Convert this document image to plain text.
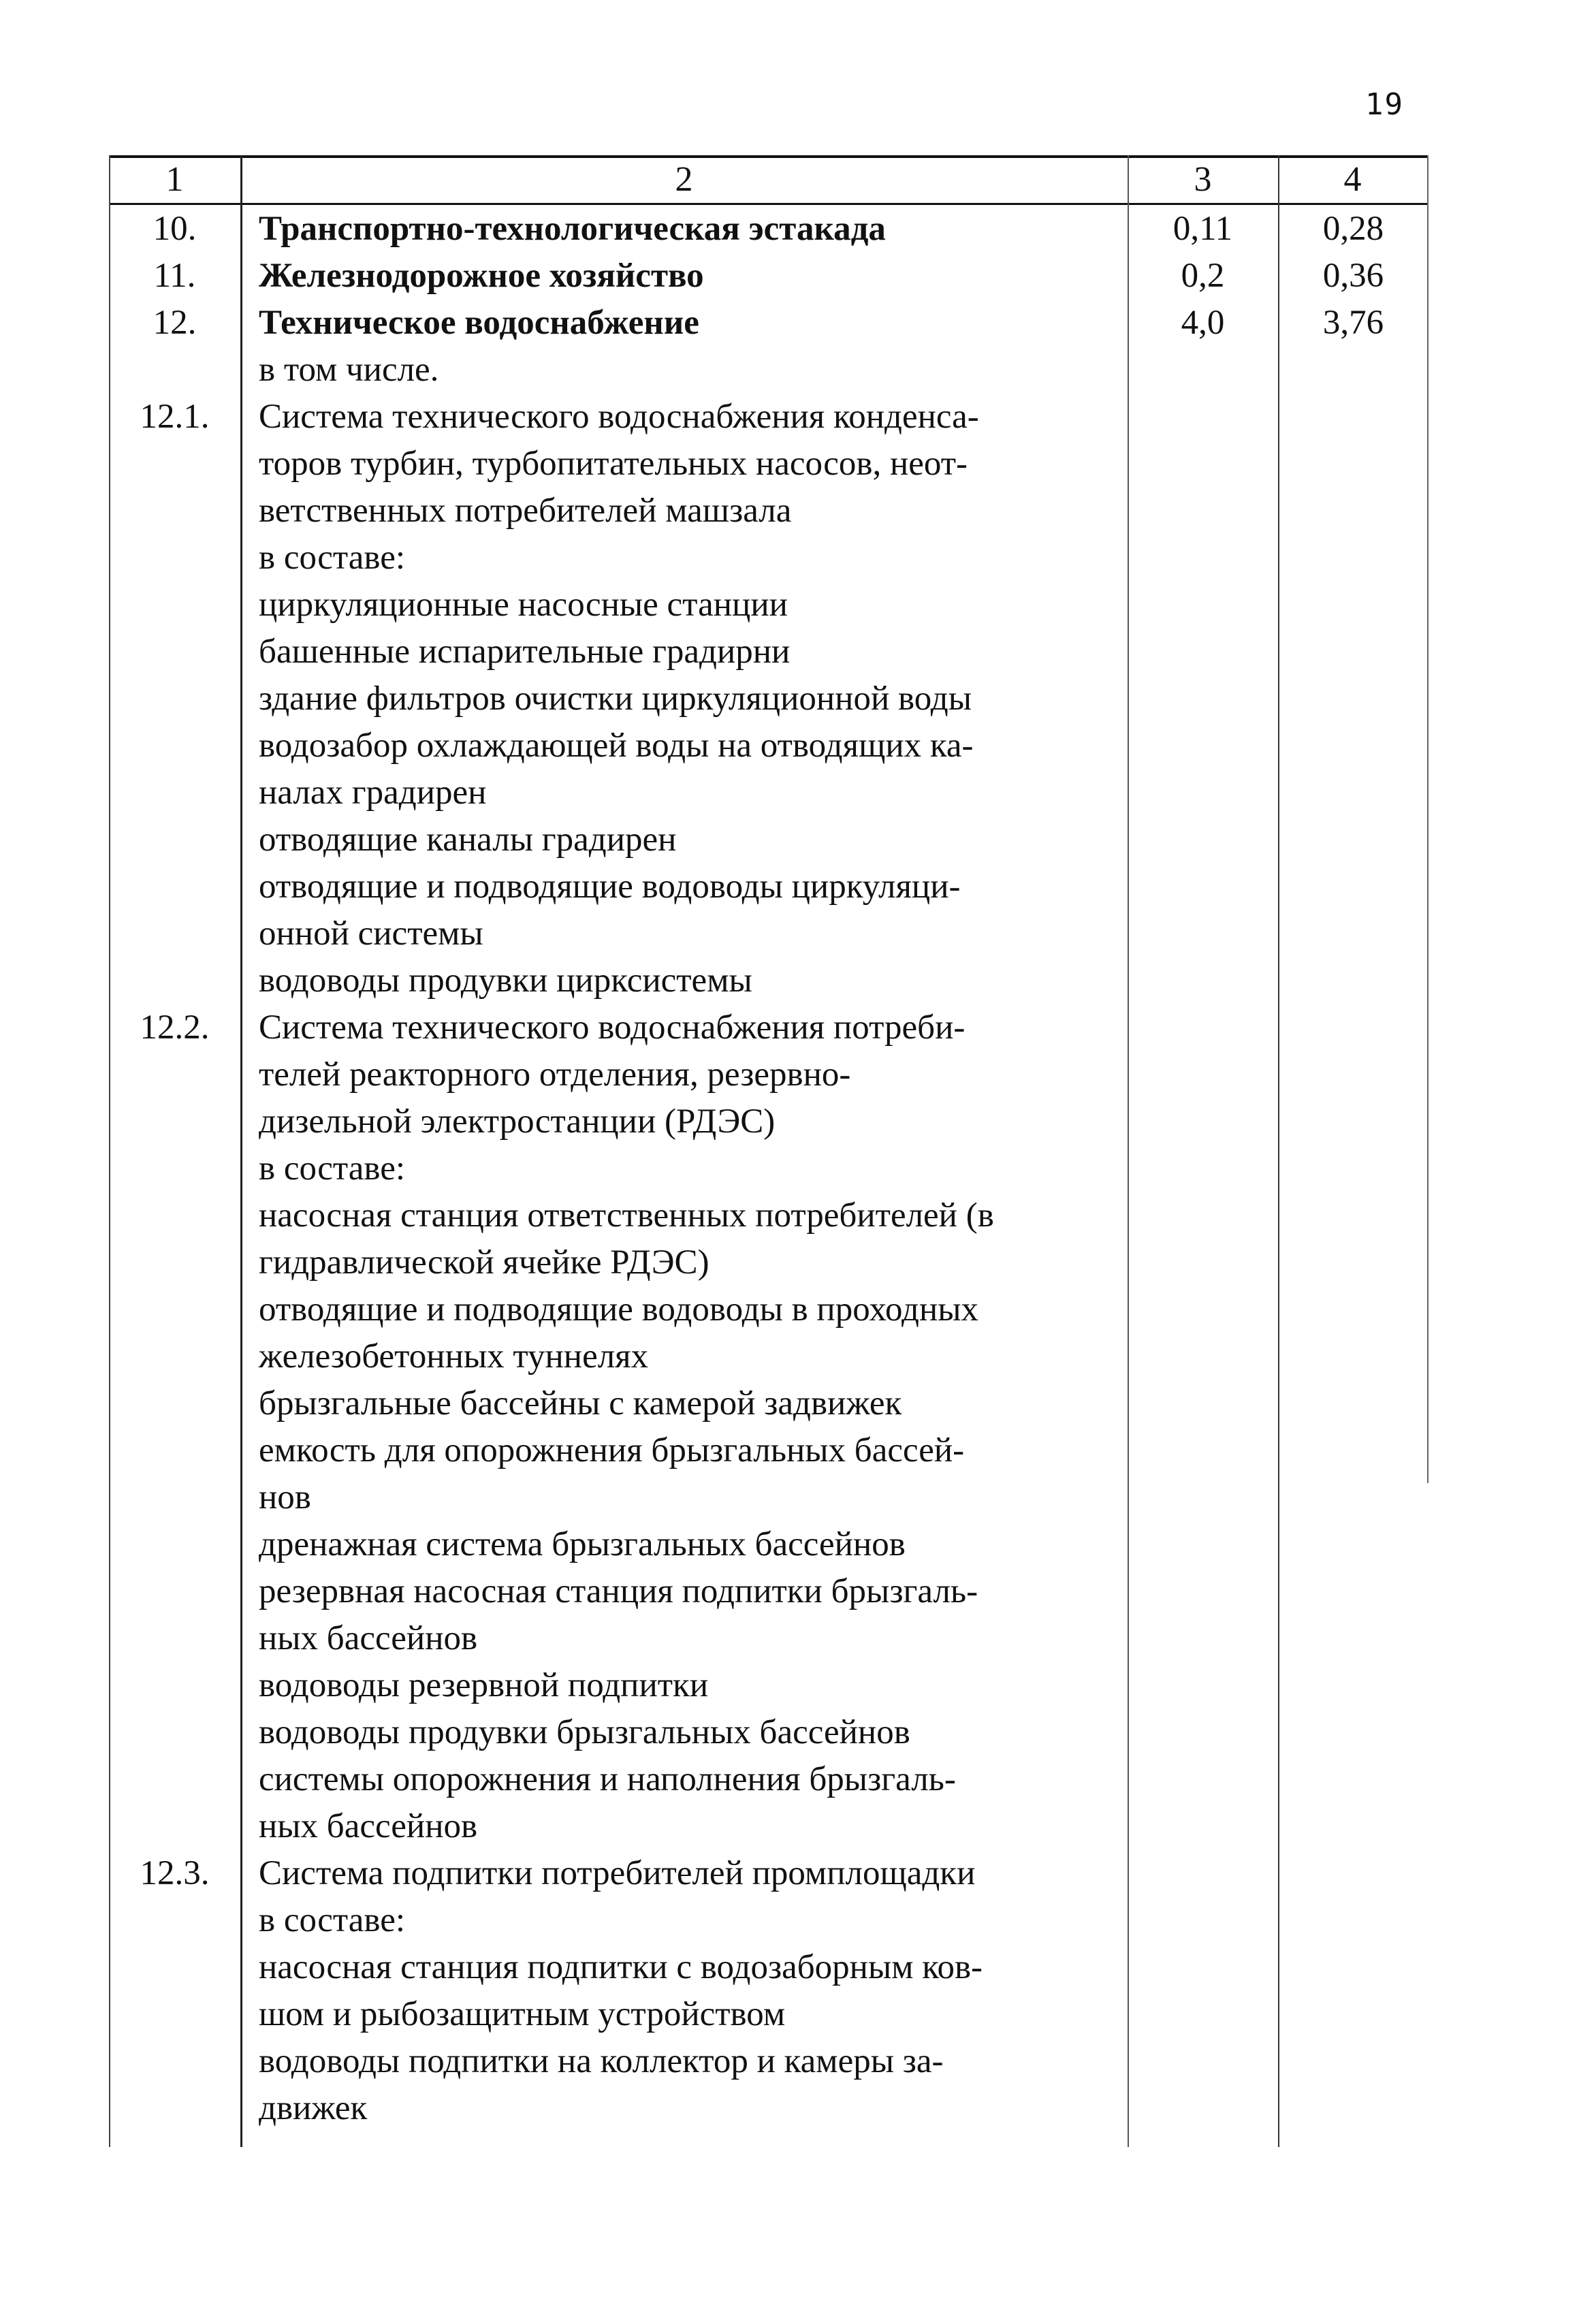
19
1	2	3	4
10.	Транспортно-технологическая эстакада	0,11	0,28
11.	Железнодорожное хозяйство	0,2	0,36
12.	Техническое водоснабжение	4,0	3,76
в том числе.
12.1.	Система технического водоснабжения конденса-
торов турбин, турбопитательных насосов, неот-
ветственных потребителей машзала
в составе:
циркуляционные насосные станции
башенные испарительные градирни
здание фильтров очистки циркуляционной воды
водозабор охлаждающей воды на отводящих ка-
налах градирен
отводящие каналы градирен
отводящие и подводящие водоводы циркуляци-
онной системы
водоводы продувки цирксистемы
12.2.	Система технического водоснабжения потреби-
телей реакторного отделения, резервно-
дизельной электростанции (РДЭС)
в составе:
насосная станция ответственных потребителей (в
гидравлической ячейке РДЭС)
отводящие и подводящие водоводы в проходных
железобетонных туннелях
брызгальные бассейны с камерой задвижек
емкость для опорожнения брызгальных бассей-
нов
дренажная система брызгальных бассейнов
резервная насосная станция подпитки брызгаль-
ных бассейнов
водоводы резервной подпитки
водоводы продувки брызгальных бассейнов
системы опорожнения и наполнения брызгаль-
ных бассейнов
12.3.	Система подпитки потребителей промплощадки
в составе:
насосная станция подпитки с водозаборным ков-
шом и рыбозащитным устройством
водоводы подпитки на коллектор и камеры за-
движек
